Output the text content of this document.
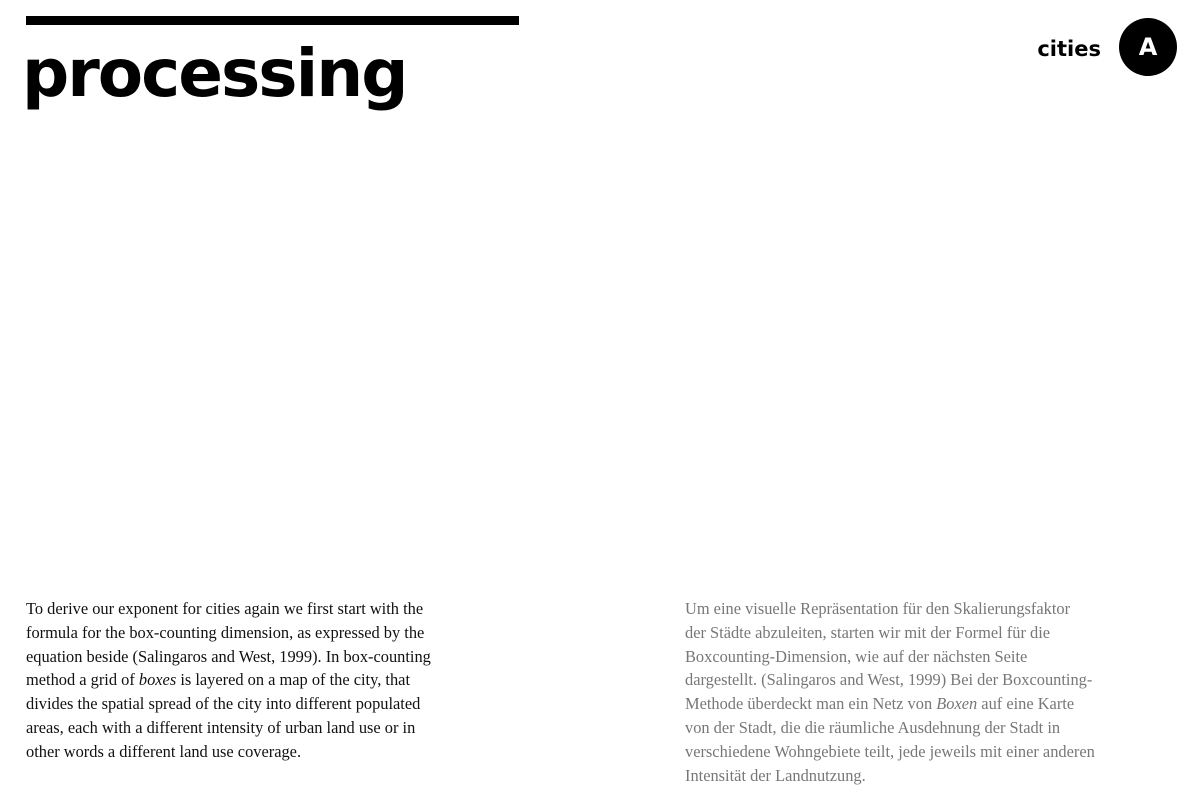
processing	cities A

To derive our exponent for cities again we first start with the
formula for the box-counting dimension, as expressed by the
equation beside (Salingaros and West, 1999). In box-counting
method a grid of boxes is layered on a map of the city, that
divides the spatial spread of the city into different populated
areas, each with a different intensity of urban land use or in
other words a different land use coverage.

Um eine visuelle Repräsentation für den Skalierungsfaktor
der Städte abzuleiten, starten wir mit der Formel für die
Boxcounting-Dimension, wie auf der nächsten Seite
dargestellt. (Salingaros and West, 1999) Bei der Boxcounting-
Methode überdeckt man ein Netz von Boxen auf eine Karte
von der Stadt, die die räumliche Ausdehnung der Stadt in
verschiedene Wohngebiete teilt, jede jeweils mit einer anderen
Intensität der Landnutzung.
